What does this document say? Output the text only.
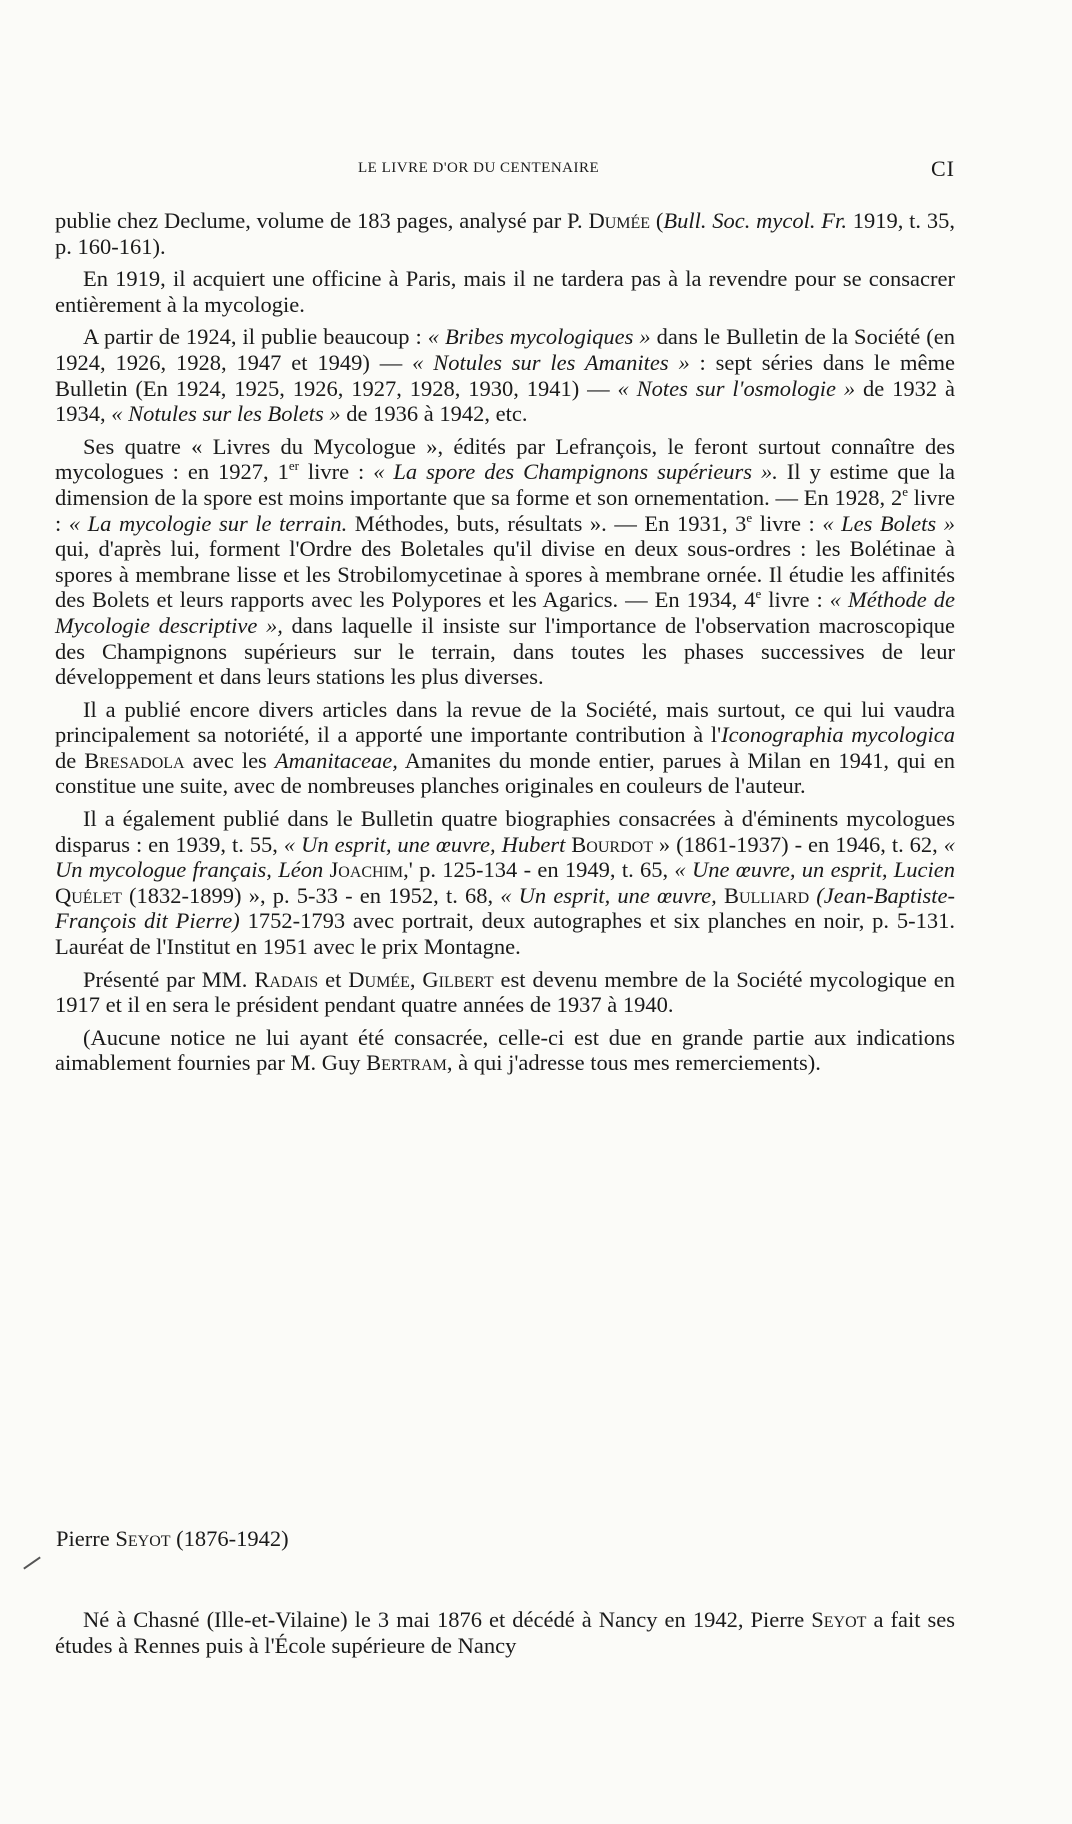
LE LIVRE D'OR DU CENTENAIRE	CI

publie chez Declume, volume de 183 pages, analysé par P. Dumée (Bull. Soc. mycol. Fr. 1919, t. 35, p. 160-161).

En 1919, il acquiert une officine à Paris, mais il ne tardera pas à la revendre pour se consacrer entièrement à la mycologie.

A partir de 1924, il publie beaucoup : « Bribes mycologiques » dans le Bulletin de la Société (en 1924, 1926, 1928, 1947 et 1949) — « Notules sur les Amanites » : sept séries dans le même Bulletin (En 1924, 1925, 1926, 1927, 1928, 1930, 1941) — « Notes sur l'osmologie » de 1932 à 1934, « Notules sur les Bolets » de 1936 à 1942, etc.

Ses quatre « Livres du Mycologue », édités par Lefrançois, le feront surtout connaître des mycologues : en 1927, 1er livre : « La spore des Champignons supérieurs ». Il y estime que la dimension de la spore est moins importante que sa forme et son ornementation. — En 1928, 2e livre : « La mycologie sur le terrain. Méthodes, buts, résultats ». — En 1931, 3e livre : « Les Bolets » qui, d'après lui, forment l'Ordre des Boletales qu'il divise en deux sous-ordres : les Bolétinae à spores à membrane lisse et les Strobilomycetinae à spores à membrane ornée. Il étudie les affinités des Bolets et leurs rapports avec les Polypores et les Agarics. — En 1934, 4e livre : « Méthode de Mycologie descriptive », dans laquelle il insiste sur l'importance de l'observation macroscopique des Champignons supérieurs sur le terrain, dans toutes les phases successives de leur développement et dans leurs stations les plus diverses.

Il a publié encore divers articles dans la revue de la Société, mais surtout, ce qui lui vaudra principalement sa notoriété, il a apporté une importante contribution à l'Iconographia mycologica de Bresadola avec les Amanitaceae, Amanites du monde entier, parues à Milan en 1941, qui en constitue une suite, avec de nombreuses planches originales en couleurs de l'auteur.

Il a également publié dans le Bulletin quatre biographies consacrées à d'éminents mycologues disparus : en 1939, t. 55, « Un esprit, une œuvre, Hubert Bourdot » (1861-1937) - en 1946, t. 62, « Un mycologue français, Léon Joachim,' p. 125-134 - en 1949, t. 65, « Une œuvre, un esprit, Lucien Quélet (1832-1899) », p. 5-33 - en 1952, t. 68, « Un esprit, une œuvre, Bulliard (Jean-Baptiste-François dit Pierre) 1752-1793 avec portrait, deux autographes et six planches en noir, p. 5-131. Lauréat de l'Institut en 1951 avec le prix Montagne.

Présenté par MM. Radais et Dumée, Gilbert est devenu membre de la Société mycologique en 1917 et il en sera le président pendant quatre années de 1937 à 1940.

(Aucune notice ne lui ayant été consacrée, celle-ci est due en grande partie aux indications aimablement fournies par M. Guy Bertram, à qui j'adresse tous mes remerciements).

Pierre Seyot (1876-1942)

Né à Chasné (Ille-et-Vilaine) le 3 mai 1876 et décédé à Nancy en 1942, Pierre Seyot a fait ses études à Rennes puis à l'École supérieure de Nancy
